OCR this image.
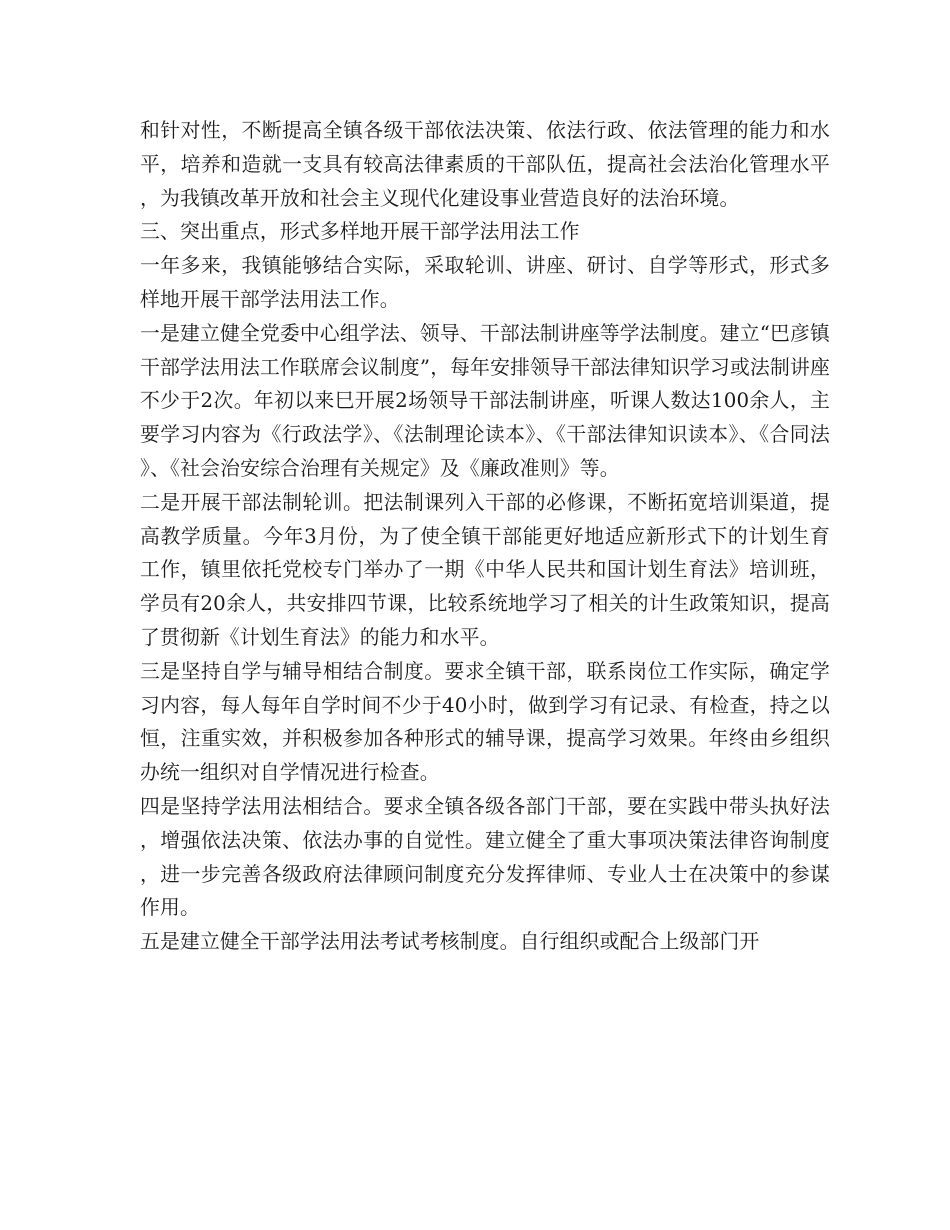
和针对性，不断提高全镇各级干部依法决策、依法行政、依法管理的能力和水平，培养和造就一支具有较高法律素质的干部队伍，提高社会法治化管理水平，为我镇改革开放和社会主义现代化建设事业营造良好的法治环境。

三、突出重点，形式多样地开展干部学法用法工作

一年多来，我镇能够结合实际，采取轮训、讲座、研讨、自学等形式，形式多样地开展干部学法用法工作。

一是建立健全党委中心组学法、领导、干部法制讲座等学法制度。建立“巴彦镇干部学法用法工作联席会议制度”，每年安排领导干部法律知识学习或法制讲座不少于2次。年初以来巳开展2场领导干部法制讲座，听课人数达100余人，主要学习内容为《行政法学》、《法制理论读本》、《干部法律知识读本》、《合同法》、《社会治安综合治理有关规定》及《廉政准则》等。

二是开展干部法制轮训。把法制课列入干部的必修课，不断拓宽培训渠道，提高教学质量。今年3月份，为了使全镇干部能更好地适应新形式下的计划生育工作，镇里依托党校专门举办了一期《中华人民共和国计划生育法》培训班，学员有20余人，共安排四节课，比较系统地学习了相关的计生政策知识，提高了贯彻新《计划生育法》的能力和水平。

三是坚持自学与辅导相结合制度。要求全镇干部，联系岗位工作实际，确定学习内容，每人每年自学时间不少于40小时，做到学习有记录、有检查，持之以恒，注重实效，并积极参加各种形式的辅导课，提高学习效果。年终由乡组织办统一组织对自学情况进行检查。

四是坚持学法用法相结合。要求全镇各级各部门干部，要在实践中带头执好法，增强依法决策、依法办事的自觉性。建立健全了重大事项决策法律咨询制度，进一步完善各级政府法律顾问制度充分发挥律师、专业人士在决策中的参谋作用。

五是建立健全干部学法用法考试考核制度。自行组织或配合上级部门开
